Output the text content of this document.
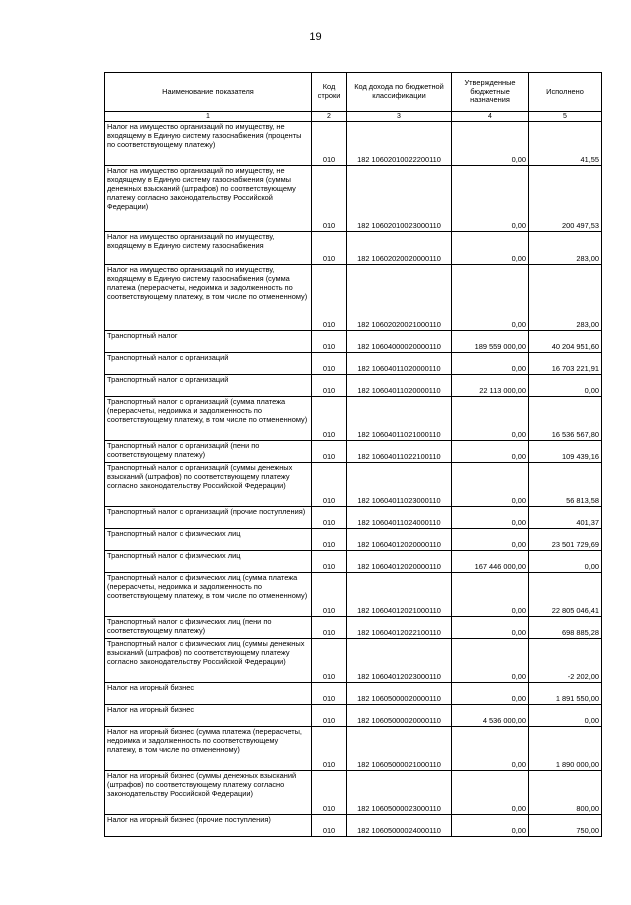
19
Наименование показателя	Код строки	Код дохода по бюджетной классификации	Утвержденные бюджетные назначения	Исполнено
1	2	3	4	5
Налог на имущество организаций по имуществу, не входящему в Единую систему газоснабжения (проценты по соответствующему платежу)	010	182 10602010022200110	0,00	41,55
Налог на имущество организаций по имуществу, не входящему в Единую систему газоснабжения (суммы денежных взысканий (штрафов) по соответствующему платежу согласно законодательству Российской Федерации)	010	182 10602010023000110	0,00	200 497,53
Налог на имущество организаций по имуществу, входящему в Единую систему газоснабжения	010	182 10602020020000110	0,00	283,00
Налог на имущество организаций по имуществу, входящему в Единую систему газоснабжения (сумма платежа (перерасчеты, недоимка и задолженность по соответствующему платежу, в том числе по отмененному)	010	182 10602020021000110	0,00	283,00
Транспортный налог	010	182 10604000020000110	189 559 000,00	40 204 951,60
Транспортный налог с организаций	010	182 10604011020000110	0,00	16 703 221,91
Транспортный налог с организаций	010	182 10604011020000110	22 113 000,00	0,00
Транспортный налог с организаций (сумма платежа (перерасчеты, недоимка и задолженность по соответствующему платежу, в том числе по отмененному)	010	182 10604011021000110	0,00	16 536 567,80
Транспортный налог с организаций (пени по соответствующему платежу)	010	182 10604011022100110	0,00	109 439,16
Транспортный налог с организаций (суммы денежных взысканий (штрафов) по соответствующему платежу согласно законодательству Российской Федерации)	010	182 10604011023000110	0,00	56 813,58
Транспортный налог с организаций (прочие поступления)	010	182 10604011024000110	0,00	401,37
Транспортный налог с физических лиц	010	182 10604012020000110	0,00	23 501 729,69
Транспортный налог с физических лиц	010	182 10604012020000110	167 446 000,00	0,00
Транспортный налог с физических лиц (сумма платежа (перерасчеты, недоимка и задолженность по соответствующему платежу, в том числе по отмененному)	010	182 10604012021000110	0,00	22 805 046,41
Транспортный налог с физических лиц (пени по соответствующему платежу)	010	182 10604012022100110	0,00	698 885,28
Транспортный налог с физических лиц (суммы денежных взысканий (штрафов) по соответствующему платежу согласно законодательству Российской Федерации)	010	182 10604012023000110	0,00	-2 202,00
Налог на игорный бизнес	010	182 10605000020000110	0,00	1 891 550,00
Налог на игорный бизнес	010	182 10605000020000110	4 536 000,00	0,00
Налог на игорный бизнес (сумма платежа (перерасчеты, недоимка и задолженность по соответствующему платежу, в том числе по отмененному)	010	182 10605000021000110	0,00	1 890 000,00
Налог на игорный бизнес (суммы денежных взысканий (штрафов) по соответствующему платежу согласно законодательству Российской Федерации)	010	182 10605000023000110	0,00	800,00
Налог на игорный бизнес (прочие поступления)	010	182 10605000024000110	0,00	750,00
